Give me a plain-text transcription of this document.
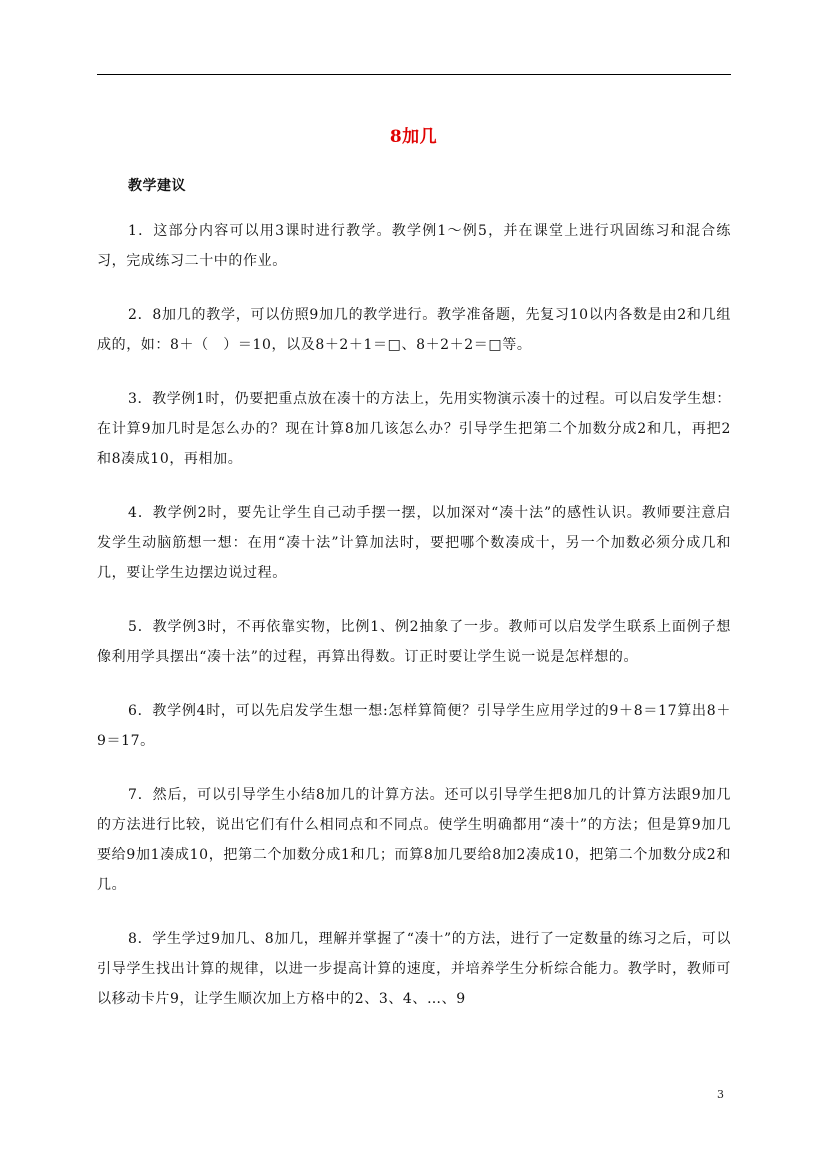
8加几
教学建议

1．这部分内容可以用3课时进行教学。教学例1～例5，并在课堂上进行巩固练习和混合练习，完成练习二十中的作业。

2．8加几的教学，可以仿照9加几的教学进行。教学准备题，先复习10以内各数是由2和几组成的，如：8＋（　）＝10，以及8＋2＋1＝□、8＋2＋2＝□等。

3．教学例1时，仍要把重点放在凑十的方法上，先用实物演示凑十的过程。可以启发学生想：在计算9加几时是怎么办的？现在计算8加几该怎么办？引导学生把第二个加数分成2和几，再把2和8凑成10，再相加。

4．教学例2时，要先让学生自己动手摆一摆，以加深对“凑十法”的感性认识。教师要注意启发学生动脑筋想一想：在用“凑十法”计算加法时，要把哪个数凑成十，另一个加数必须分成几和几，要让学生边摆边说过程。

5．教学例3时，不再依靠实物，比例1、例2抽象了一步。教师可以启发学生联系上面例子想像利用学具摆出“凑十法”的过程，再算出得数。订正时要让学生说一说是怎样想的。

6．教学例4时，可以先启发学生想一想:怎样算简便？引导学生应用学过的9＋8＝17算出8＋9＝17。

7．然后，可以引导学生小结8加几的计算方法。还可以引导学生把8加几的计算方法跟9加几的方法进行比较，说出它们有什么相同点和不同点。使学生明确都用“凑十”的方法；但是算9加几要给9加1凑成10，把第二个加数分成1和几；而算8加几要给8加2凑成10，把第二个加数分成2和几。

8．学生学过9加几、8加几，理解并掌握了“凑十”的方法，进行了一定数量的练习之后，可以引导学生找出计算的规律，以进一步提高计算的速度，并培养学生分析综合能力。教学时，教师可以移动卡片9，让学生顺次加上方格中的2、3、4、…、9

3
